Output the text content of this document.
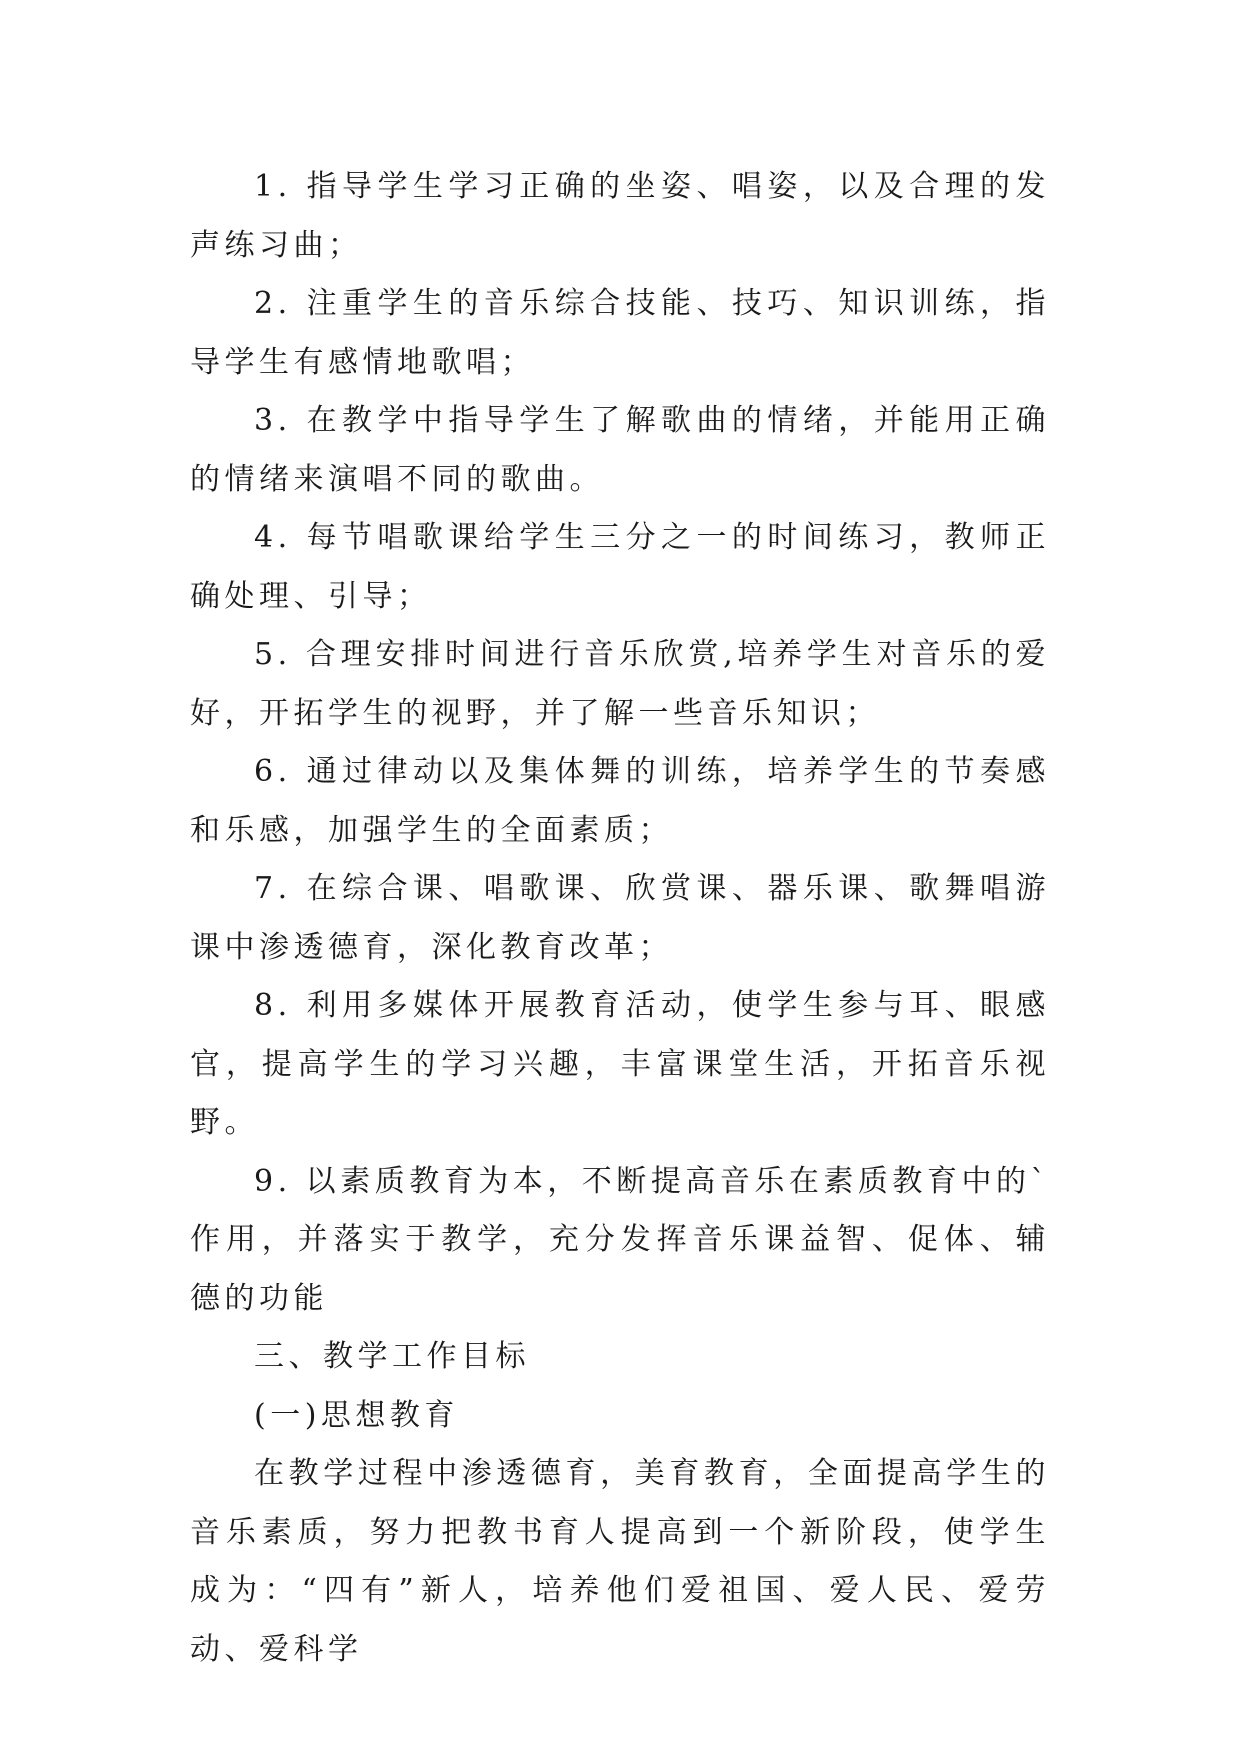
1. 指导学生学习正确的坐姿、唱姿，以及合理的发声练习曲；

2. 注重学生的音乐综合技能、技巧、知识训练，指导学生有感情地歌唱；

3. 在教学中指导学生了解歌曲的情绪，并能用正确的情绪来演唱不同的歌曲。

4. 每节唱歌课给学生三分之一的时间练习，教师正确处理、引导；

5. 合理安排时间进行音乐欣赏,培养学生对音乐的爱好，开拓学生的视野，并了解一些音乐知识；

6. 通过律动以及集体舞的训练，培养学生的节奏感和乐感，加强学生的全面素质；

7. 在综合课、唱歌课、欣赏课、器乐课、歌舞唱游课中渗透德育，深化教育改革；

8. 利用多媒体开展教育活动，使学生参与耳、眼感官，提高学生的学习兴趣，丰富课堂生活，开拓音乐视野。

9. 以素质教育为本，不断提高音乐在素质教育中的`作用，并落实于教学，充分发挥音乐课益智、促体、辅德的功能

三、教学工作目标

(一)思想教育

在教学过程中渗透德育，美育教育，全面提高学生的音乐素质，努力把教书育人提高到一个新阶段，使学生成为：“四有”新人，培养他们爱祖国、爱人民、爱劳动、爱科学
